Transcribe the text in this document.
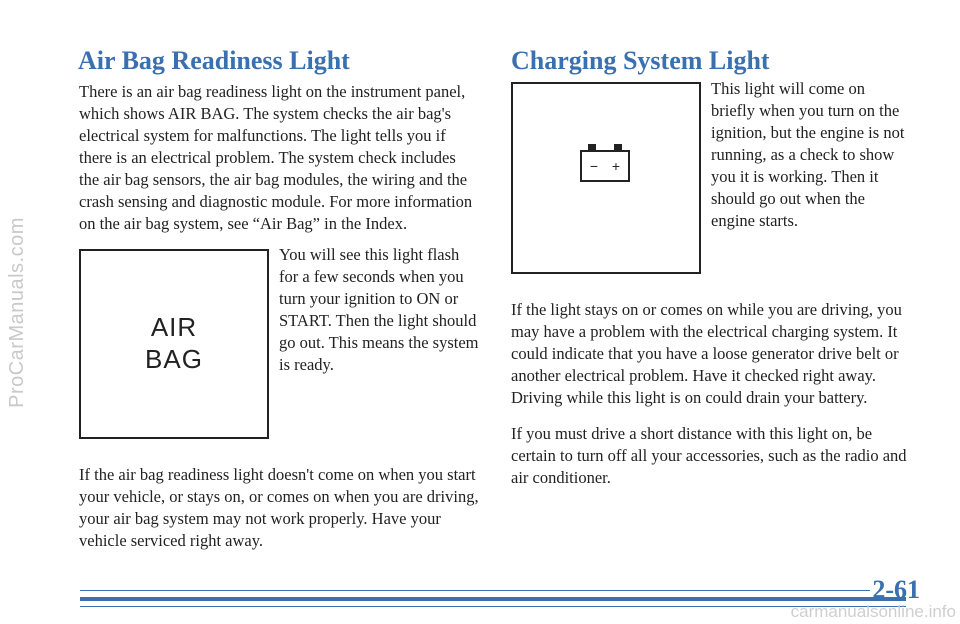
ProCarManuals.com
Air Bag Readiness Light

There is an air bag readiness light on the instrument panel, which shows AIR BAG. The system checks the air bag's electrical system for malfunctions. The light tells you if there is an electrical problem. The system check includes the air bag sensors, the air bag modules, the wiring and the crash sensing and diagnostic module. For more information on the air bag system, see “Air Bag” in the Index.

AIR
BAG

You will see this light flash for a few seconds when you turn your ignition to ON or START. Then the light should go out. This means the system is ready.

If the air bag readiness light doesn't come on when you start your vehicle, or stays on, or comes on when you are driving, your air bag system may not work properly. Have your vehicle serviced right away.

Charging System Light
− +

This light will come on briefly when you turn on the ignition, but the engine is not running, as a check to show you it is working. Then it should go out when the engine starts.

If the light stays on or comes on while you are driving, you may have a problem with the electrical charging system. It could indicate that you have a loose generator drive belt or another electrical problem. Have it checked right away. Driving while this light is on could drain your battery.

If you must drive a short distance with this light on, be certain to turn off all your accessories, such as the radio and air conditioner.

2-61

carmanualsonline.info
